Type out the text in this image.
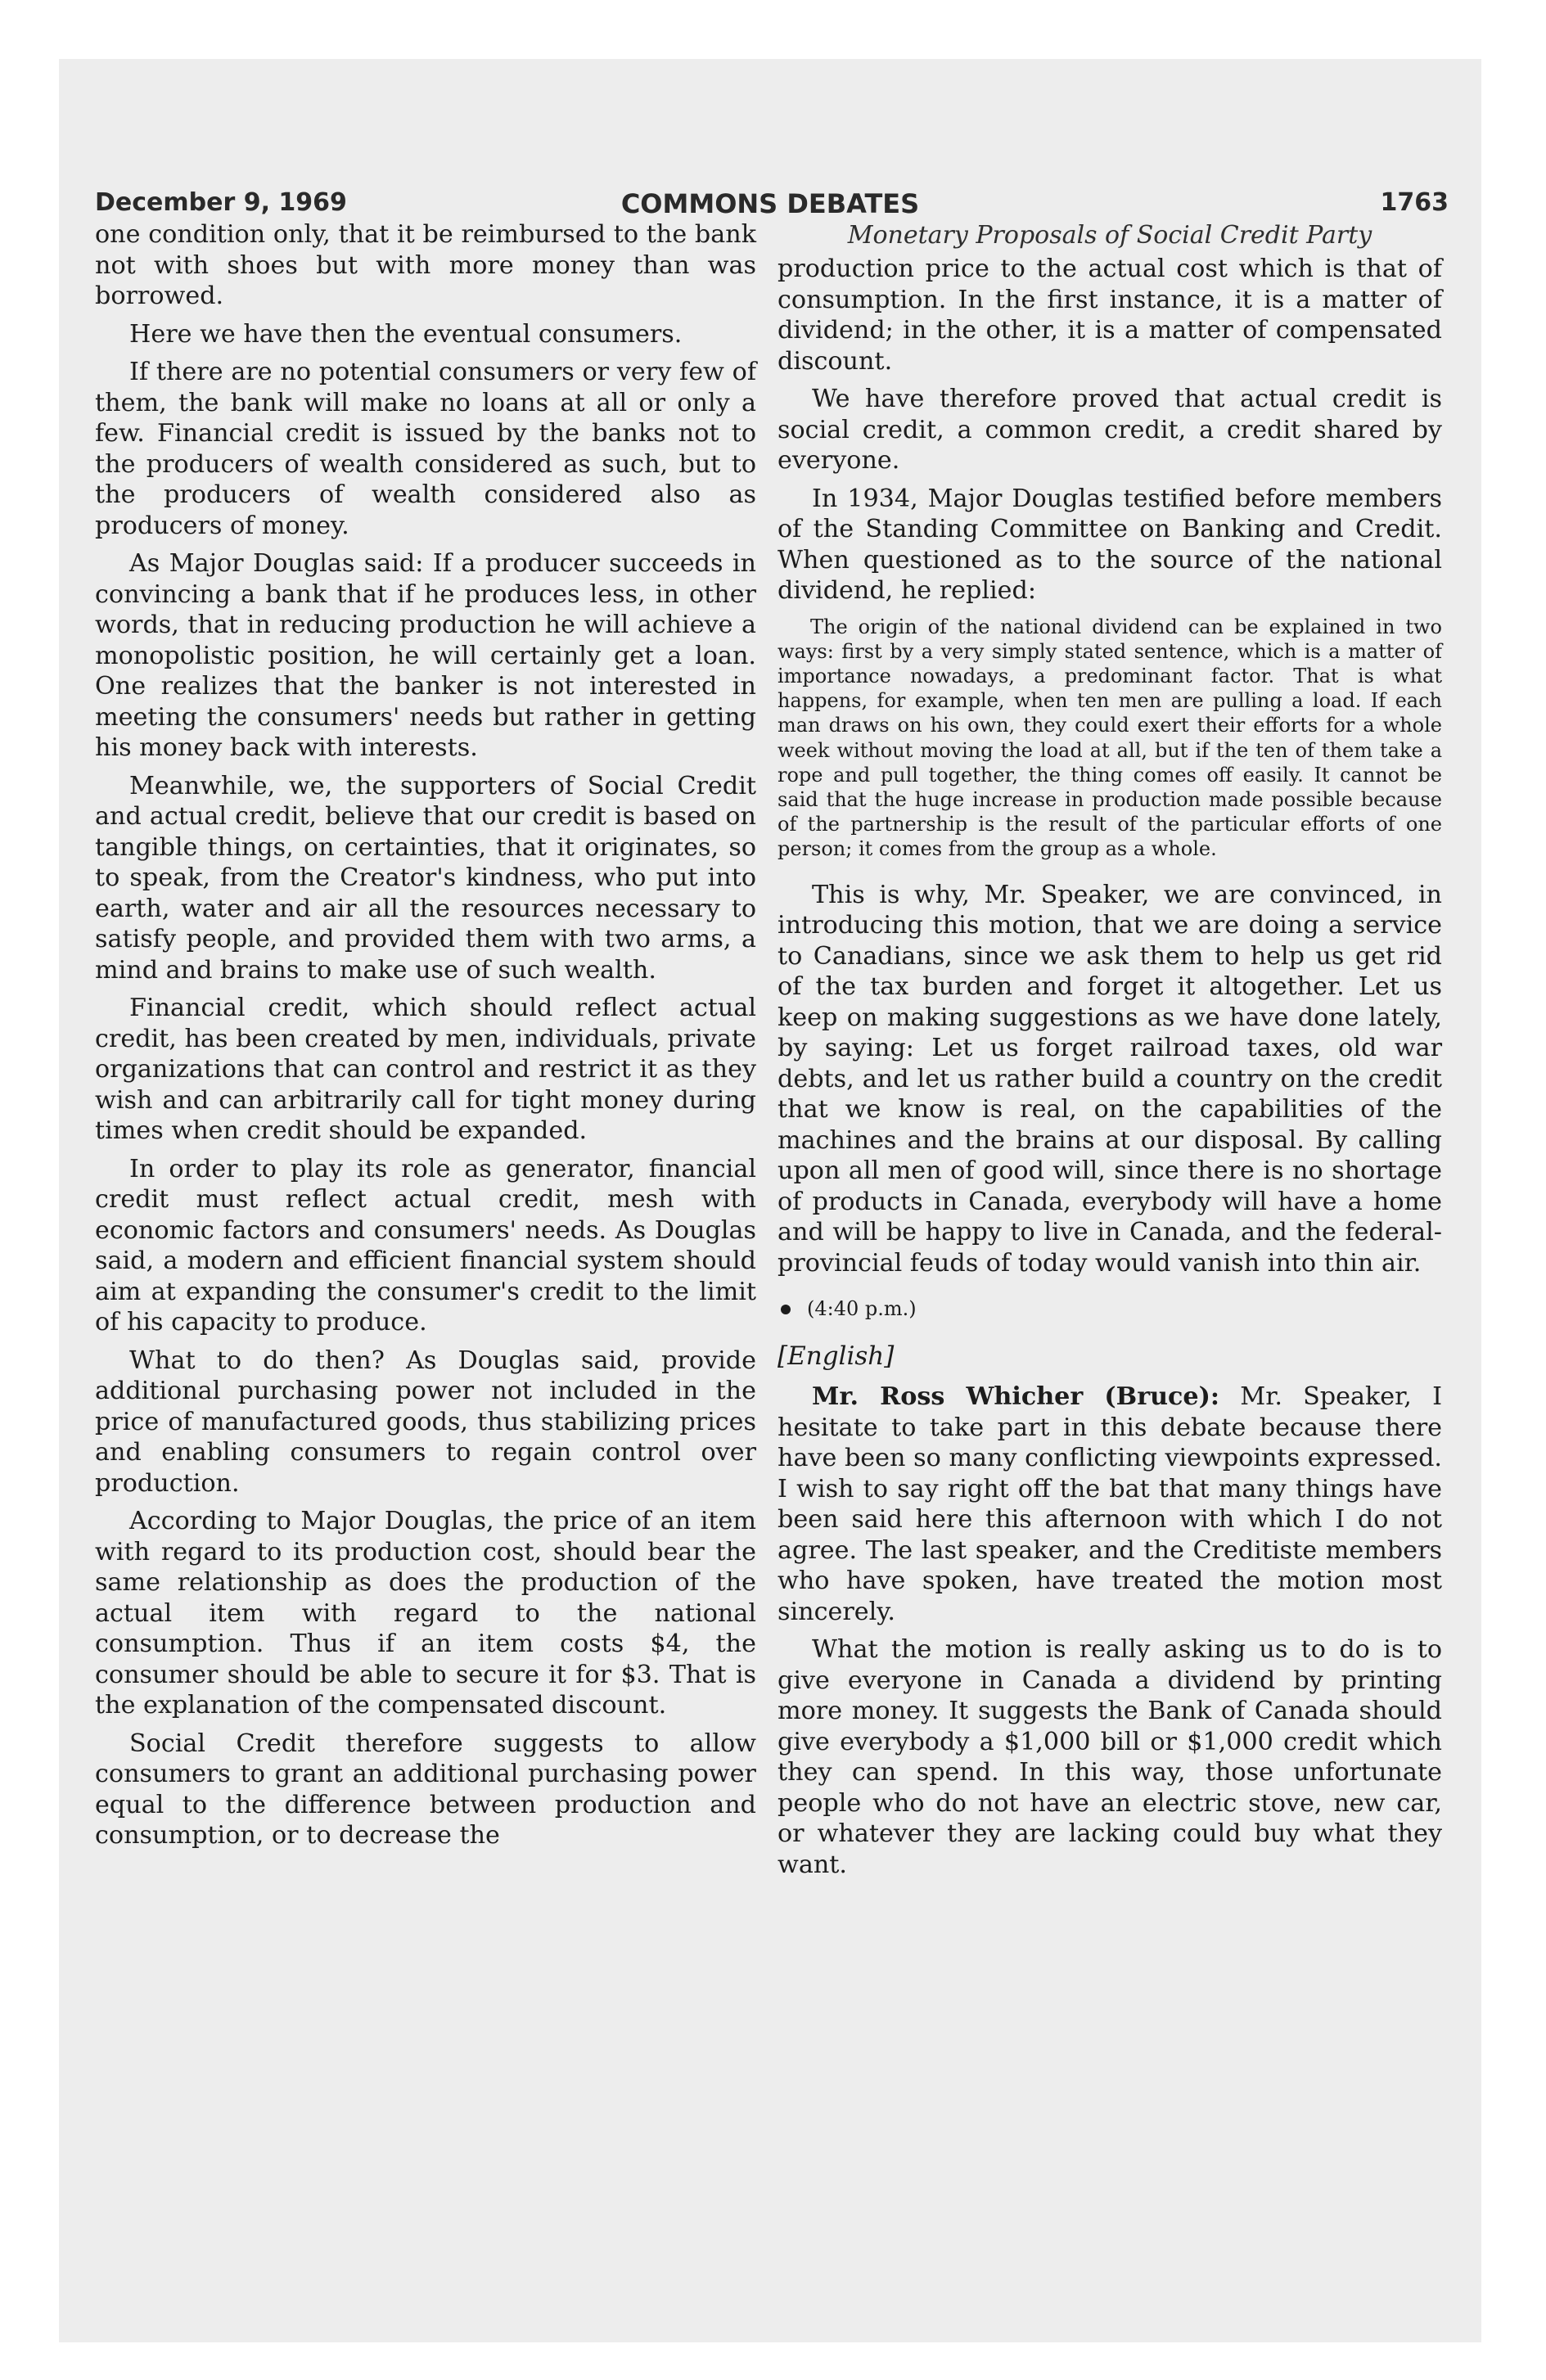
December 9, 1969	COMMONS DEBATES	1763

one condition only, that it be reimbursed to the bank not with shoes but with more money than was borrowed.

Here we have then the eventual consumers.

If there are no potential consumers or very few of them, the bank will make no loans at all or only a few. Financial credit is issued by the banks not to the producers of wealth considered as such, but to the producers of wealth considered also as producers of money.

As Major Douglas said: If a producer succeeds in convincing a bank that if he produces less, in other words, that in reducing production he will achieve a monopolistic position, he will certainly get a loan. One realizes that the banker is not interested in meeting the consumers' needs but rather in getting his money back with interests.

Meanwhile, we, the supporters of Social Credit and actual credit, believe that our credit is based on tangible things, on certainties, that it originates, so to speak, from the Creator's kindness, who put into earth, water and air all the resources necessary to satisfy people, and provided them with two arms, a mind and brains to make use of such wealth.

Financial credit, which should reflect actual credit, has been created by men, individuals, private organizations that can control and restrict it as they wish and can arbitrarily call for tight money during times when credit should be expanded.

In order to play its role as generator, financial credit must reflect actual credit, mesh with economic factors and consumers' needs. As Douglas said, a modern and efficient financial system should aim at expanding the consumer's credit to the limit of his capacity to produce.

What to do then? As Douglas said, provide additional purchasing power not included in the price of manufactured goods, thus stabilizing prices and enabling consumers to regain control over production.

According to Major Douglas, the price of an item with regard to its production cost, should bear the same relationship as does the production of the actual item with regard to the national consumption. Thus if an item costs $4, the consumer should be able to secure it for $3. That is the explanation of the compensated discount.

Social Credit therefore suggests to allow consumers to grant an additional purchasing power equal to the difference between production and consumption, or to decrease the

Monetary Proposals of Social Credit Party

production price to the actual cost which is that of consumption. In the first instance, it is a matter of dividend; in the other, it is a matter of compensated discount.

We have therefore proved that actual credit is social credit, a common credit, a credit shared by everyone.

In 1934, Major Douglas testified before members of the Standing Committee on Banking and Credit. When questioned as to the source of the national dividend, he replied:

The origin of the national dividend can be explained in two ways: first by a very simply stated sentence, which is a matter of importance nowadays, a predominant factor. That is what happens, for example, when ten men are pulling a load. If each man draws on his own, they could exert their efforts for a whole week without moving the load at all, but if the ten of them take a rope and pull together, the thing comes off easily. It cannot be said that the huge increase in production made possible because of the partnership is the result of the particular efforts of one person; it comes from the group as a whole.

This is why, Mr. Speaker, we are convinced, in introducing this motion, that we are doing a service to Canadians, since we ask them to help us get rid of the tax burden and forget it altogether. Let us keep on making suggestions as we have done lately, by saying: Let us forget railroad taxes, old war debts, and let us rather build a country on the credit that we know is real, on the capabilities of the machines and the brains at our disposal. By calling upon all men of good will, since there is no shortage of products in Canada, everybody will have a home and will be happy to live in Canada, and the federal-provincial feuds of today would vanish into thin air.

(4:40 p.m.)
[English]

Mr. Ross Whicher (Bruce): Mr. Speaker, I hesitate to take part in this debate because there have been so many conflicting viewpoints expressed. I wish to say right off the bat that many things have been said here this afternoon with which I do not agree. The last speaker, and the Creditiste members who have spoken, have treated the motion most sincerely.

What the motion is really asking us to do is to give everyone in Canada a dividend by printing more money. It suggests the Bank of Canada should give everybody a $1,000 bill or $1,000 credit which they can spend. In this way, those unfortunate people who do not have an electric stove, new car, or whatever they are lacking could buy what they want.
